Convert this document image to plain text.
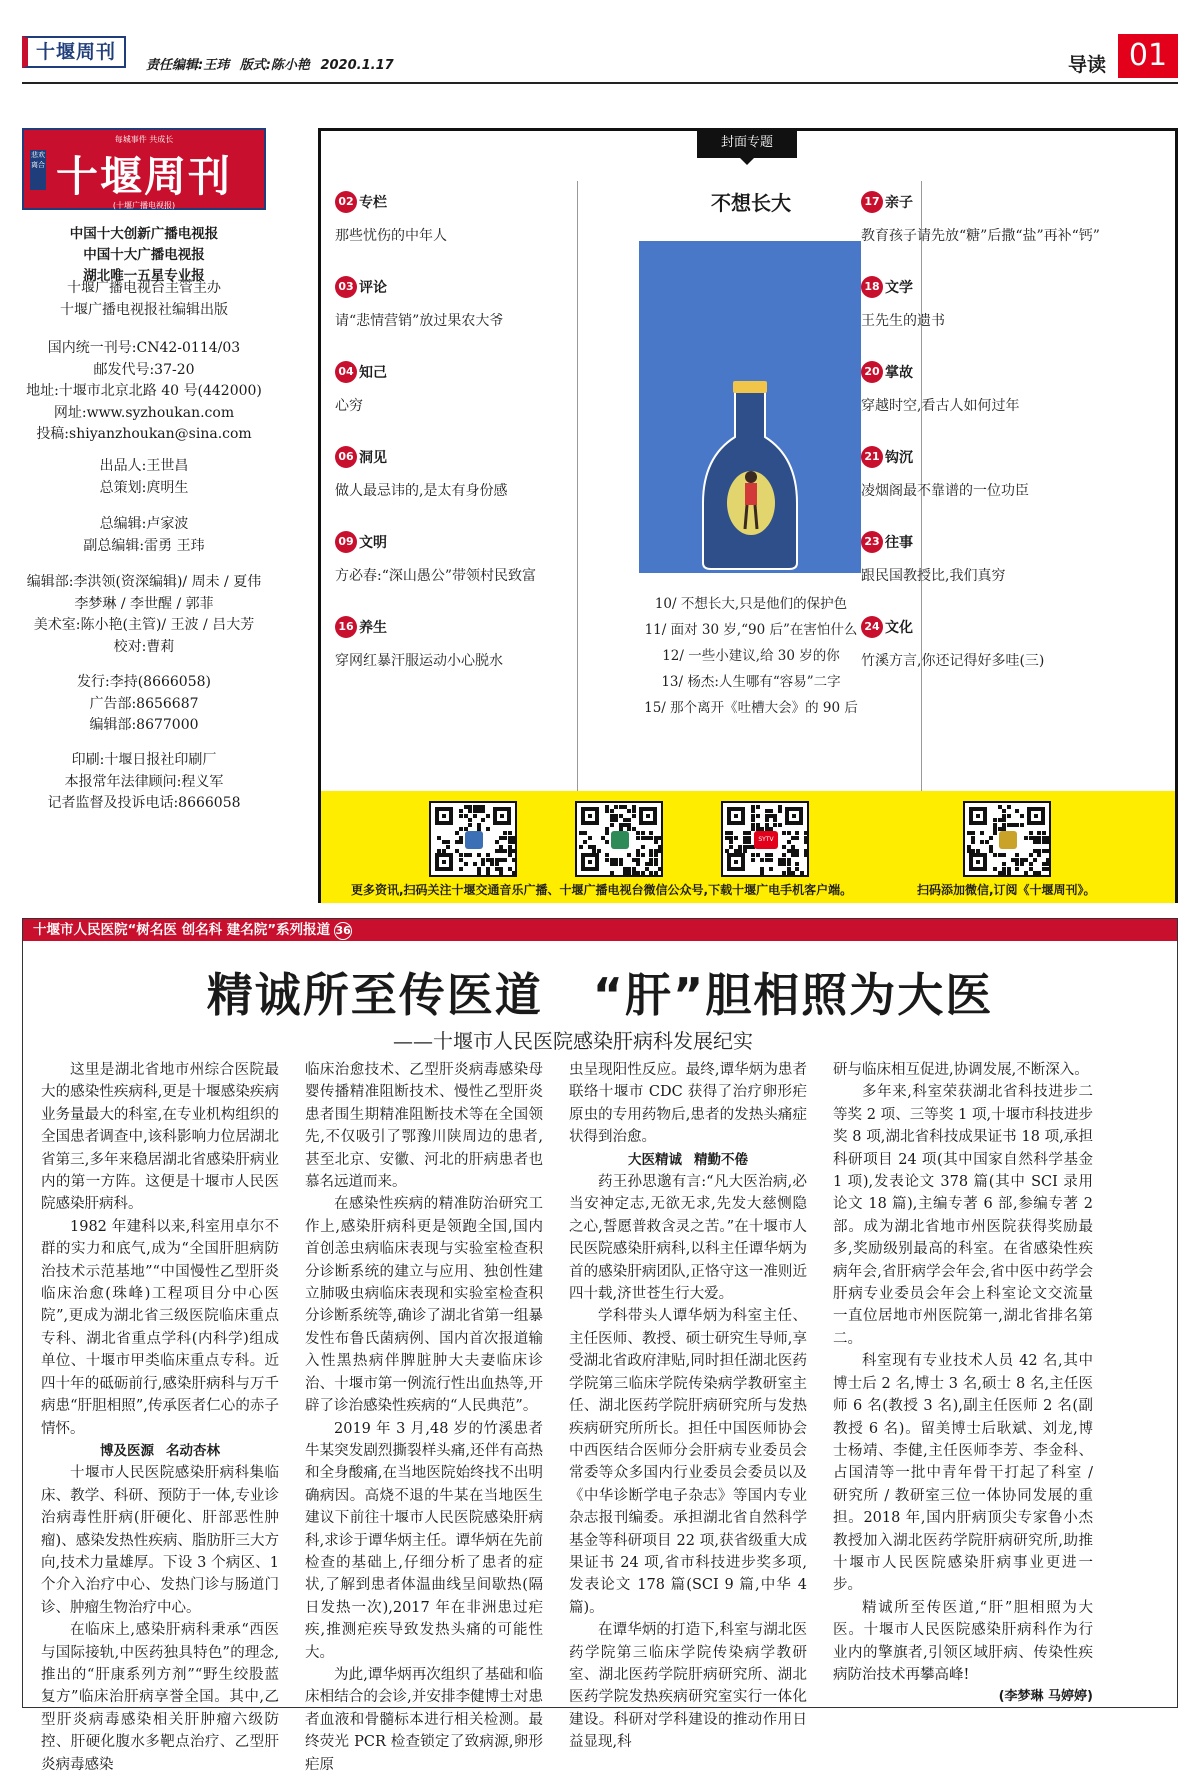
十堰周刊
责任编辑:王玮 版式:陈小艳 2020.1.17	导读 01
每城事件 共成长
悲欢离合 十堰周刊
(十堰广播电视报)
中国十大创新广播电视报
中国十大广播电视报
湖北唯一五星专业报
十堰广播电视台主管主办
十堰广播电视报社编辑出版
国内统一刊号:CN42-0114/03
邮发代号:37-20
地址:十堰市北京北路 40 号(442000)
网址:www.syzhoukan.com
投稿:shiyanzhoukan@sina.com
出品人:王世昌
总策划:庹明生
总编辑:卢家波
副总编辑:雷勇 王玮
编辑部:李洪领(资深编辑)/ 周未 / 夏伟
李梦琳 / 李世醒 / 郭菲
美术室:陈小艳(主管)/ 王波 / 吕大芳
校对:曹莉
发行:李持(8666058)
广告部:8656687
编辑部:8677000
印刷:十堰日报社印刷厂
本报常年法律顾问:程义军
记者监督及投诉电话:8666058
封面专题
02 专栏
那些忧伤的中年人
03 评论
请“悲情营销”放过果农大爷
04 知己
心穷
06 洞见
做人最忌讳的,是太有身份感
09 文明
方必春:“深山愚公”带领村民致富
16 养生
穿网红暴汗服运动小心脱水
不想长大
10/ 不想长大,只是他们的保护色
11/ 面对 30 岁,“90 后”在害怕什么
12/ 一些小建议,给 30 岁的你
13/ 杨杰:人生哪有“容易”二字
15/ 那个离开《吐槽大会》的 90 后
17 亲子
教育孩子请先放“糖”后撒“盐”再补“钙”
18 文学
王先生的遗书
20 掌故
穿越时空,看古人如何过年
21 钩沉
凌烟阁最不靠谱的一位功臣
23 往事
跟民国教授比,我们真穷
24 文化
竹溪方言,你还记得好多哇(三)
SYTV
更多资讯,扫码关注十堰交通音乐广播、十堰广播电视台微信公众号,下载十堰广电手机客户端。	扫码添加微信,订阅《十堰周刊》。
十堰市人民医院“树名医 创名科 建名院”系列报道 36
精诚所至传医道 “肝”胆相照为大医
——十堰市人民医院感染肝病科发展纪实

这里是湖北省地市州综合医院最大的感染性疾病科,更是十堰感染疾病业务量最大的科室,在专业机构组织的全国患者调查中,该科影响力位居湖北省第三,多年来稳居湖北省感染肝病业内的第一方阵。这便是十堰市人民医院感染肝病科。

1982 年建科以来,科室用卓尔不群的实力和底气,成为“全国肝胆病防治技术示范基地”“中国慢性乙型肝炎临床治愈(珠峰)工程项目分中心医院”,更成为湖北省三级医院临床重点专科、湖北省重点学科(内科学)组成单位、十堰市甲类临床重点专科。近四十年的砥砺前行,感染肝病科与万千病患“肝胆相照”,传承医者仁心的赤子情怀。

博及医源 名动杏林

十堰市人民医院感染肝病科集临床、教学、科研、预防于一体,专业诊治病毒性肝病(肝硬化、肝部恶性肿瘤)、感染发热性疾病、脂肪肝三大方向,技术力量雄厚。下设 3 个病区、1 个介入治疗中心、发热门诊与肠道门诊、肿瘤生物治疗中心。

在临床上,感染肝病科秉承“西医与国际接轨,中医药独具特色”的理念,推出的“肝康系列方剂”“野生绞股蓝复方”临床治肝病享誉全国。其中,乙型肝炎病毒感染相关肝肿瘤六级防控、肝硬化腹水多靶点治疗、乙型肝炎病毒感染

临床治愈技术、乙型肝炎病毒感染母婴传播精准阻断技术、慢性乙型肝炎患者围生期精准阻断技术等在全国领先,不仅吸引了鄂豫川陕周边的患者,甚至北京、安徽、河北的肝病患者也慕名远道而来。

在感染性疾病的精准防治研究工作上,感染肝病科更是领跑全国,国内首创恙虫病临床表现与实验室检查积分诊断系统的建立与应用、独创性建立肺吸虫病临床表现和实验室检查积分诊断系统等,确诊了湖北省第一组暴发性布鲁氏菌病例、国内首次报道输入性黑热病伴脾脏肿大夫妻临床诊治、十堰市第一例流行性出血热等,开辟了诊治感染性疾病的“人民典范”。

2019 年 3 月,48 岁的竹溪患者牛某突发剧烈撕裂样头痛,还伴有高热和全身酸痛,在当地医院始终找不出明确病因。高烧不退的牛某在当地医生建议下前往十堰市人民医院感染肝病科,求诊于谭华炳主任。谭华炳在先前检查的基础上,仔细分析了患者的症状,了解到患者体温曲线呈间歇热(隔日发热一次),2017 年在非洲患过疟疾,推测疟疾导致发热头痛的可能性大。

为此,谭华炳再次组织了基础和临床相结合的会诊,并安排李健博士对患者血液和骨髓标本进行相关检测。最终荧光 PCR 检查锁定了致病源,卵形疟原

虫呈现阳性反应。最终,谭华炳为患者联络十堰市 CDC 获得了治疗卵形疟原虫的专用药物后,患者的发热头痛症状得到治愈。

大医精诚 精勤不倦

药王孙思邈有言:“凡大医治病,必当安神定志,无欲无求,先发大慈恻隐之心,誓愿普救含灵之苦。”在十堰市人民医院感染肝病科,以科主任谭华炳为首的感染肝病团队,正恪守这一准则近四十载,济世苍生行大爱。

学科带头人谭华炳为科室主任、主任医师、教授、硕士研究生导师,享受湖北省政府津贴,同时担任湖北医药学院第三临床学院传染病学教研室主任、湖北医药学院肝病研究所与发热疾病研究所所长。担任中国医师协会中西医结合医师分会肝病专业委员会常委等众多国内行业委员会委员以及《中华诊断学电子杂志》等国内专业杂志报刊编委。承担湖北省自然科学基金等科研项目 22 项,获省级重大成果证书 24 项,省市科技进步奖多项,发表论文 178 篇(SCI 9 篇,中华 4 篇)。

在谭华炳的打造下,科室与湖北医药学院第三临床学院传染病学教研室、湖北医药学院肝病研究所、湖北医药学院发热疾病研究室实行一体化建设。科研对学科建设的推动作用日益显现,科

研与临床相互促进,协调发展,不断深入。

多年来,科室荣获湖北省科技进步二等奖 2 项、三等奖 1 项,十堰市科技进步奖 8 项,湖北省科技成果证书 18 项,承担科研项目 24 项(其中国家自然科学基金 1 项),发表论文 378 篇(其中 SCI 录用论文 18 篇),主编专著 6 部,参编专著 2 部。成为湖北省地市州医院获得奖励最多,奖励级别最高的科室。在省感染性疾病年会,省肝病学会年会,省中医中药学会肝病专业委员会年会上科室论文交流量一直位居地市州医院第一,湖北省排名第二。

科室现有专业技术人员 42 名,其中博士后 2 名,博士 3 名,硕士 8 名,主任医师 6 名(教授 3 名),副主任医师 2 名(副教授 6 名)。留美博士后耿斌、刘龙,博士杨靖、李健,主任医师李芳、李金科、占国清等一批中青年骨干打起了科室 / 研究所 / 教研室三位一体协同发展的重担。2018 年,国内肝病顶尖专家鲁小杰教授加入湖北医药学院肝病研究所,助推十堰市人民医院感染肝病事业更进一步。

精诚所至传医道,“肝”胆相照为大医。十堰市人民医院感染肝病科作为行业内的擎旗者,引领区域肝病、传染性疾病防治技术再攀高峰!

(李梦琳 马婷婷)
